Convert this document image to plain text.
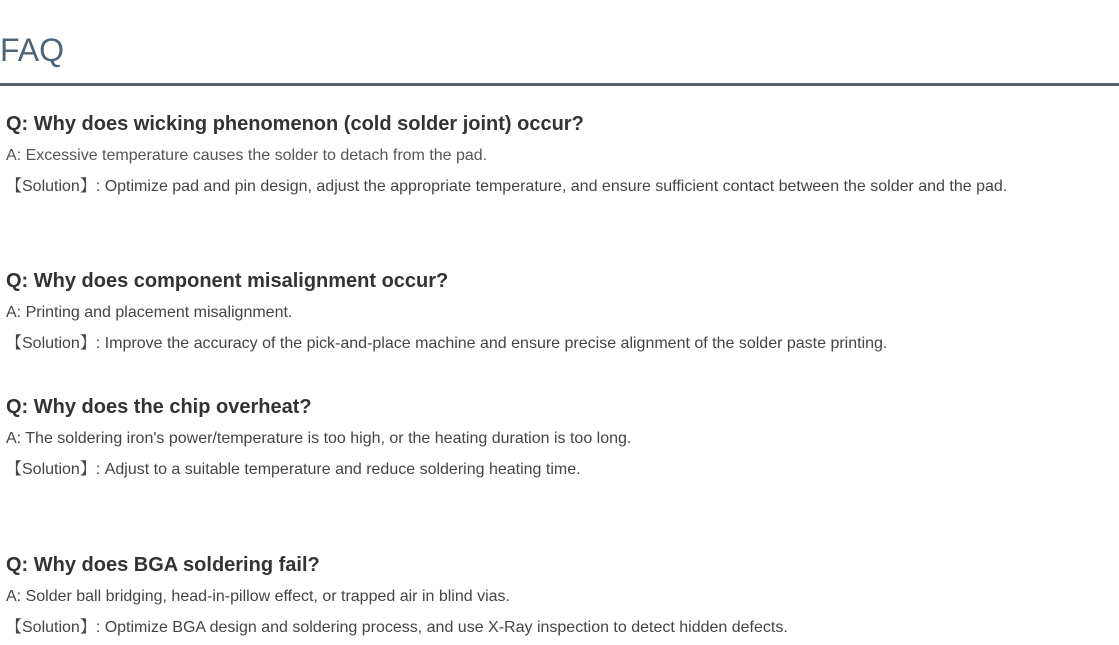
FAQ

Q: Why does wicking phenomenon (cold solder joint) occur?

A: Excessive temperature causes the solder to detach from the pad.

【Solution】: Optimize pad and pin design, adjust the appropriate temperature, and ensure sufficient contact between the solder and the pad.

Q: Why does component misalignment occur?

A: Printing and placement misalignment.

【Solution】: Improve the accuracy of the pick-and-place machine and ensure precise alignment of the solder paste printing.

Q: Why does the chip overheat?

A: The soldering iron's power/temperature is too high, or the heating duration is too long.

【Solution】: Adjust to a suitable temperature and reduce soldering heating time.

Q: Why does BGA soldering fail?

A: Solder ball bridging, head-in-pillow effect, or trapped air in blind vias.

【Solution】: Optimize BGA design and soldering process, and use X-Ray inspection to detect hidden defects.
